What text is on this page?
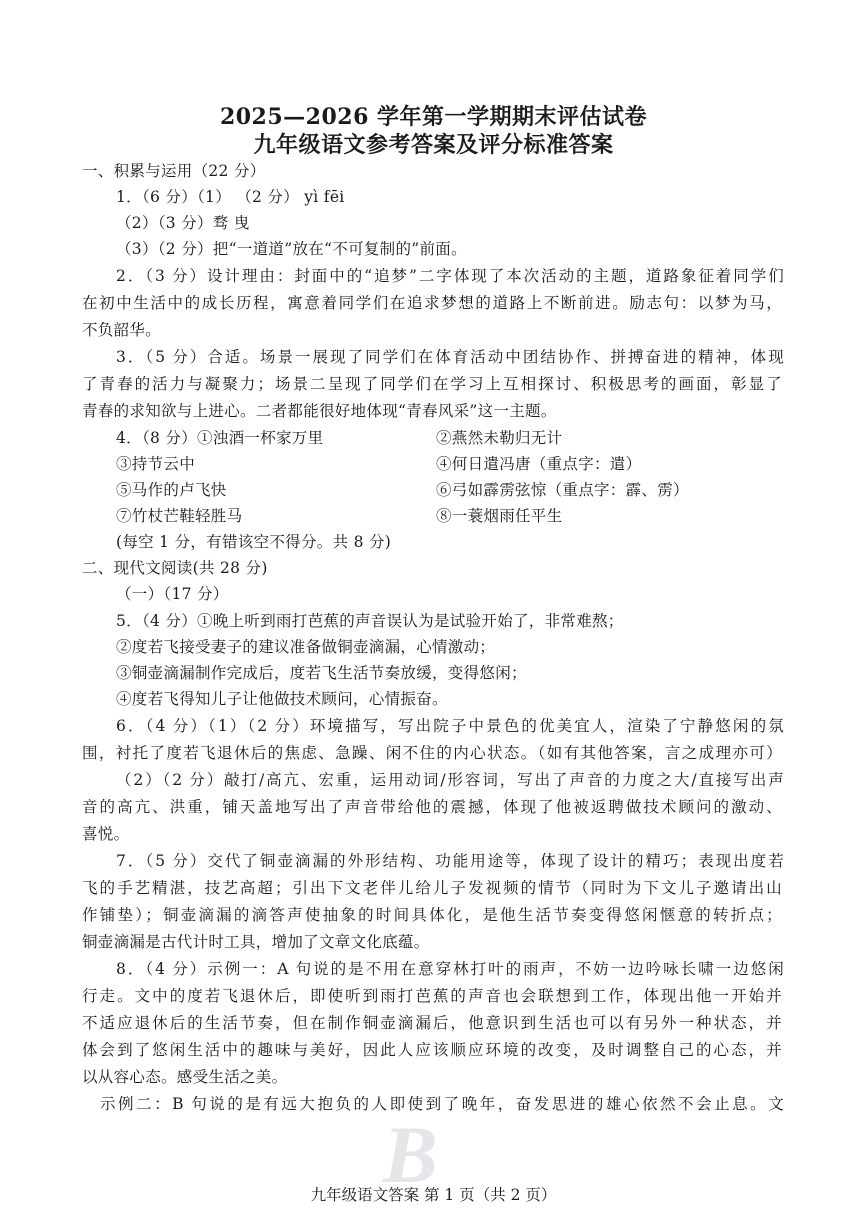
2025—2026 学年第一学期期末评估试卷
九年级语文参考答案及评分标准答案
一、积累与运用（22 分）
1．（6 分）（1） （2 分） yì fēi
（2）（3 分）骛 曳
（3）（2 分）把“一道道”放在“不可复制的”前面。
2．（3 分）设计理由：封面中的“追梦”二字体现了本次活动的主题，道路象征着同学们
在初中生活中的成长历程，寓意着同学们在追求梦想的道路上不断前进。励志句：以梦为马，
不负韶华。
3．（5 分）合适。场景一展现了同学们在体育活动中团结协作、拼搏奋进的精神，体现
了青春的活力与凝聚力；场景二呈现了同学们在学习上互相探讨、积极思考的画面，彰显了
青春的求知欲与上进心。二者都能很好地体现“青春风采”这一主题。
4．（8 分）①浊酒一杯家万里	②燕然未勒归无计
③持节云中	④何日遣冯唐（重点字：遣）
⑤马作的卢飞快	⑥弓如霹雳弦惊（重点字：霹、雳）
⑦竹杖芒鞋轻胜马	⑧一蓑烟雨任平生
(每空 1 分，有错该空不得分。共 8 分)
二、现代文阅读(共 28 分)
（一）（17 分）
5．（4 分）①晚上听到雨打芭蕉的声音误认为是试验开始了，非常难熬；
②度若飞接受妻子的建议准备做铜壶滴漏，心情激动；
③铜壶滴漏制作完成后，度若飞生活节奏放缓，变得悠闲；
④度若飞得知儿子让他做技术顾问，心情振奋。
6．（4 分）（1）（2 分）环境描写，写出院子中景色的优美宜人，渲染了宁静悠闲的氛
围，衬托了度若飞退休后的焦虑、急躁、闲不住的内心状态。（如有其他答案，言之成理亦可）
（2）（2 分）敲打/高亢、宏重，运用动词/形容词，写出了声音的力度之大/直接写出声
音的高亢、洪重，铺天盖地写出了声音带给他的震撼，体现了他被返聘做技术顾问的激动、
喜悦。
7．（5 分）交代了铜壶滴漏的外形结构、功能用途等，体现了设计的精巧；表现出度若
飞的手艺精湛，技艺高超；引出下文老伴儿给儿子发视频的情节（同时为下文儿子邀请出山
作铺垫）；铜壶滴漏的滴答声使抽象的时间具体化，是他生活节奏变得悠闲惬意的转折点；
铜壶滴漏是古代计时工具，增加了文章文化底蕴。
8．（4 分）示例一：A 句说的是不用在意穿林打叶的雨声，不妨一边吟咏长啸一边悠闲
行走。文中的度若飞退休后，即使听到雨打芭蕉的声音也会联想到工作，体现出他一开始并
不适应退休后的生活节奏，但在制作铜壶滴漏后，他意识到生活也可以有另外一种状态，并
体会到了悠闲生活中的趣味与美好，因此人应该顺应环境的改变，及时调整自己的心态，并
以从容心态。感受生活之美。
示例二：B 句说的是有远大抱负的人即使到了晚年，奋发思进的雄心依然不会止息。文
B
九年级语文答案 第 1 页（共 2 页）
